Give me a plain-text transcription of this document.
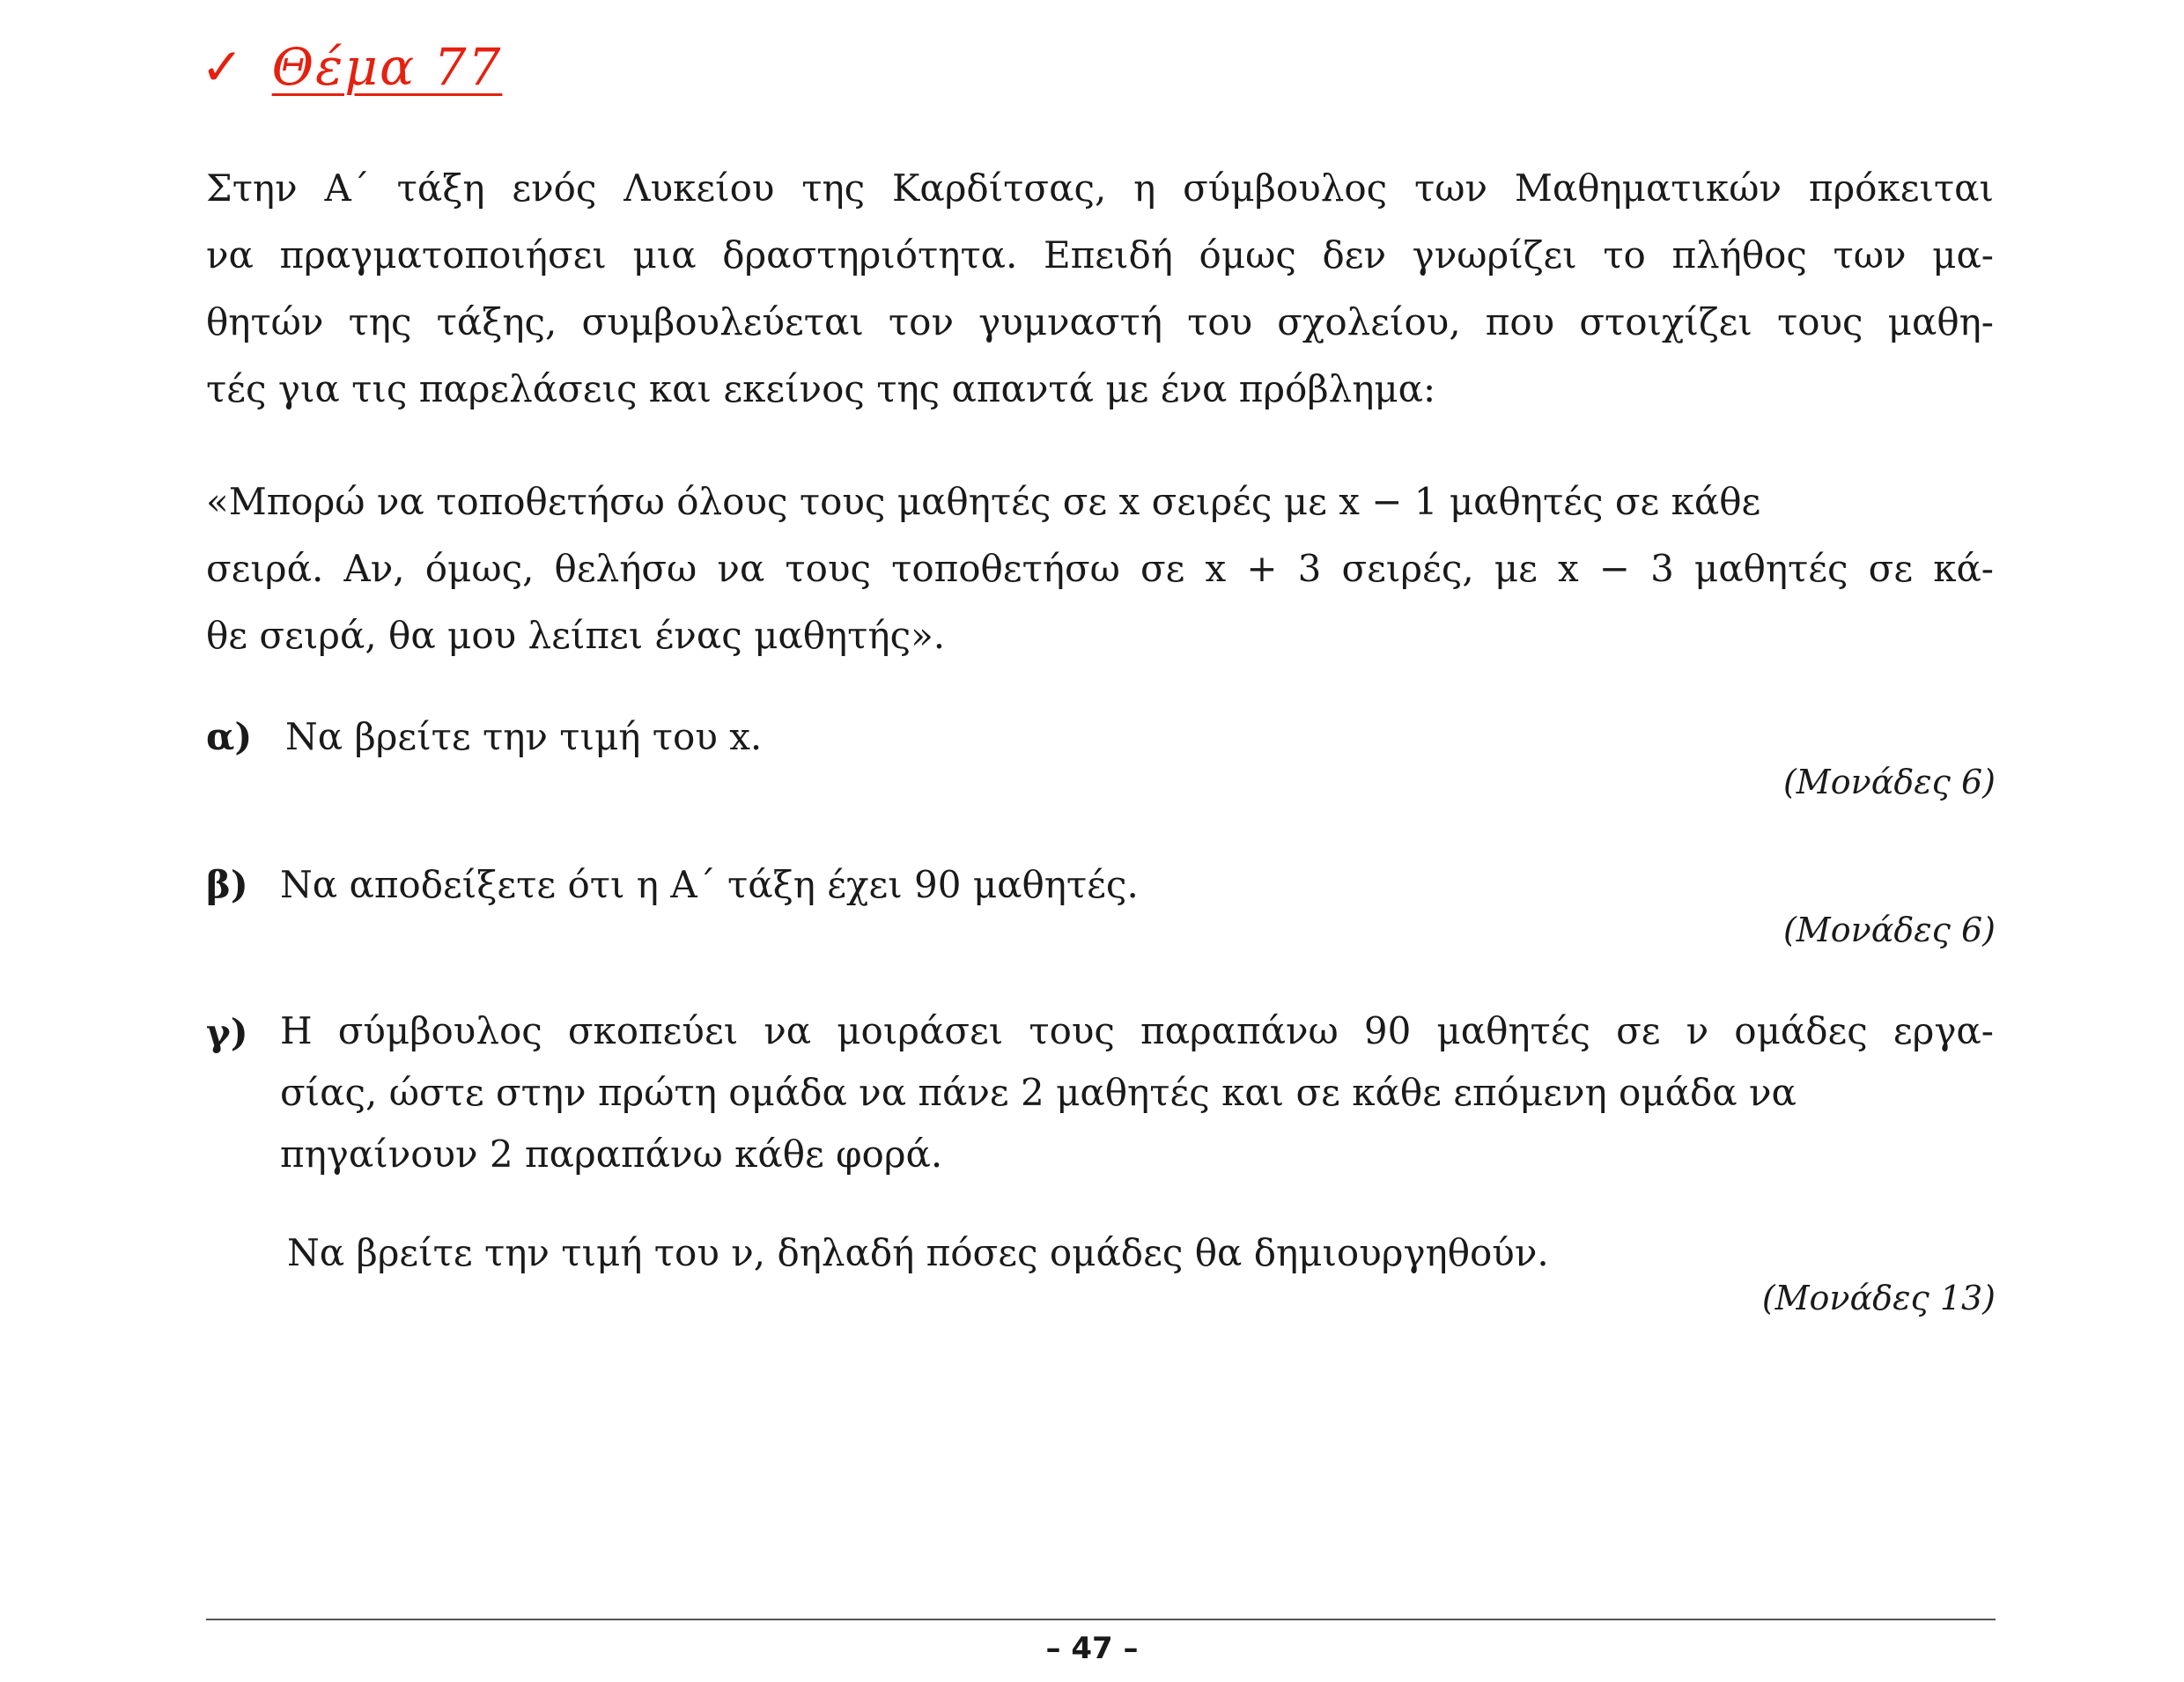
✓ Θέμα 77
Στην Α΄ τάξη ενός Λυκείου της Καρδίτσας, η σύμβουλος των Μαθηματικών πρόκειται
να πραγματοποιήσει μια δραστηριότητα. Επειδή όμως δεν γνωρίζει το πλήθος των μα-
θητών της τάξης, συμβουλεύεται τον γυμναστή του σχολείου, που στοιχίζει τους μαθη-
τές για τις παρελάσεις και εκείνος της απαντά με ένα πρόβλημα:
«Μπορώ να τοποθετήσω όλους τους μαθητές σε x σειρές με x − 1 μαθητές σε κάθε
σειρά. Αν, όμως, θελήσω να τους τοποθετήσω σε x + 3 σειρές, με x − 3 μαθητές σε κά-
θε σειρά, θα μου λείπει ένας μαθητής».
α) Να βρείτε την τιμή του x.
(Μονάδες 6)
β) Να αποδείξετε ότι η Α΄ τάξη έχει 90 μαθητές.
(Μονάδες 6)
γ) Η σύμβουλος σκοπεύει να μοιράσει τους παραπάνω 90 μαθητές σε ν ομάδες εργα-
σίας, ώστε στην πρώτη ομάδα να πάνε 2 μαθητές και σε κάθε επόμενη ομάδα να
πηγαίνουν 2 παραπάνω κάθε φορά.
Να βρείτε την τιμή του ν, δηλαδή πόσες ομάδες θα δημιουργηθούν.
(Μονάδες 13)
– 47 –
